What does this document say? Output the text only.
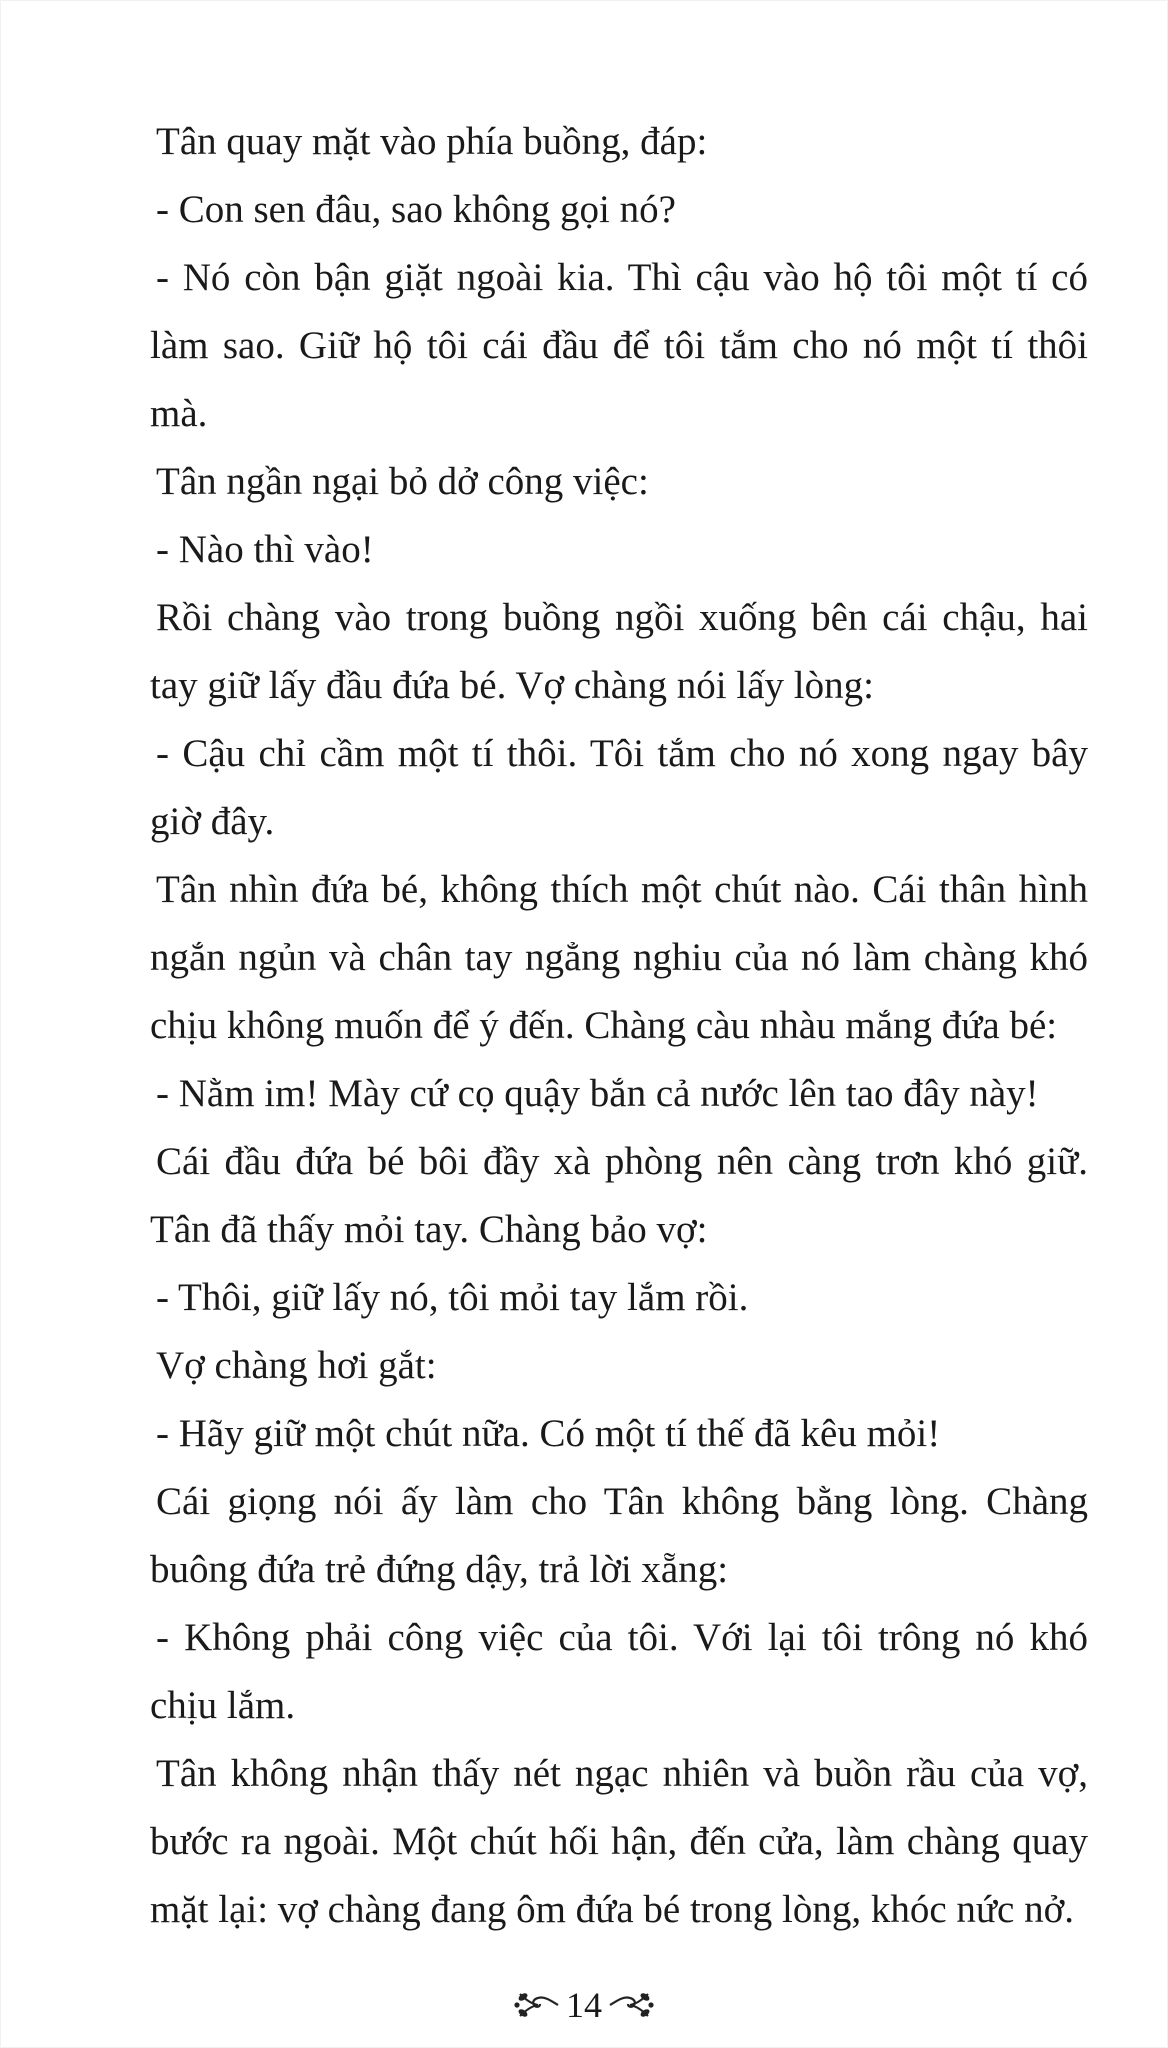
Tân quay mặt vào phía buồng, đáp:

- Con sen đâu, sao không gọi nó?

- Nó còn bận giặt ngoài kia. Thì cậu vào hộ tôi một tí có làm sao. Giữ hộ tôi cái đầu để tôi tắm cho nó một tí thôi mà.

Tân ngần ngại bỏ dở công việc:

- Nào thì vào!

Rồi chàng vào trong buồng ngồi xuống bên cái chậu, hai tay giữ lấy đầu đứa bé. Vợ chàng nói lấy lòng:

- Cậu chỉ cầm một tí thôi. Tôi tắm cho nó xong ngay bây giờ đây.

Tân nhìn đứa bé, không thích một chút nào. Cái thân hình ngắn ngủn và chân tay ngẳng nghiu của nó làm chàng khó chịu không muốn để ý đến. Chàng càu nhàu mắng đứa bé:

- Nằm im! Mày cứ cọ quậy bắn cả nước lên tao đây này!

Cái đầu đứa bé bôi đầy xà phòng nên càng trơn khó giữ. Tân đã thấy mỏi tay. Chàng bảo vợ:

- Thôi, giữ lấy nó, tôi mỏi tay lắm rồi.

Vợ chàng hơi gắt:

- Hãy giữ một chút nữa. Có một tí thế đã kêu mỏi!

Cái giọng nói ấy làm cho Tân không bằng lòng. Chàng buông đứa trẻ đứng dậy, trả lời xẵng:

- Không phải công việc của tôi. Với lại tôi trông nó khó chịu lắm.

Tân không nhận thấy nét ngạc nhiên và buồn rầu của vợ, bước ra ngoài. Một chút hối hận, đến cửa, làm chàng quay mặt lại: vợ chàng đang ôm đứa bé trong lòng, khóc nức nở.

14
